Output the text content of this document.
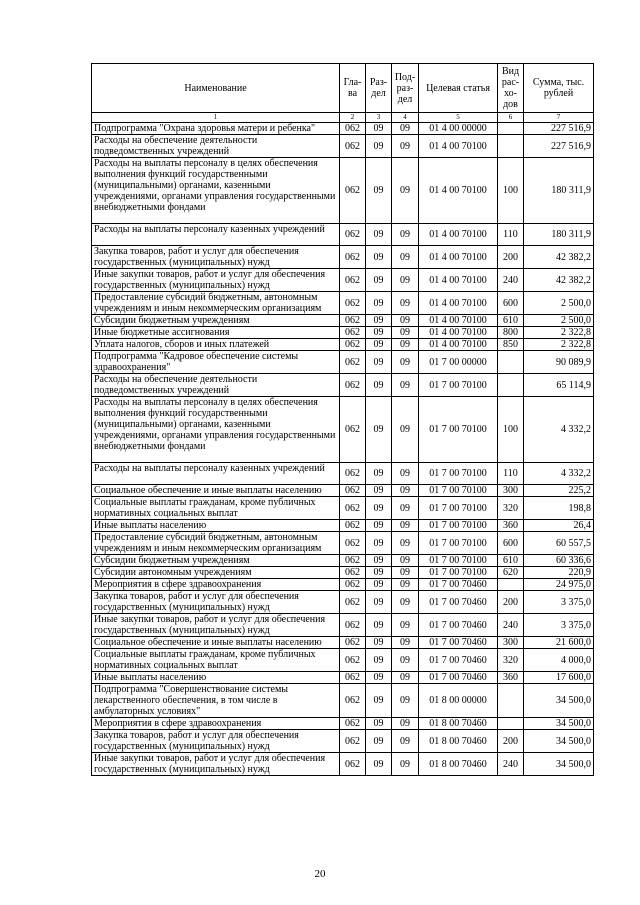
Наименование	Гла-ва	Раз-дел	Под-раз-дел	Целевая статья	Вид рас-хо-дов	Сумма, тыс. рублей
1	2	3	4	5	6	7
Подпрограмма "Охрана здоровья матери и ребенка"	062	09	09	01 4 00 00000		227 516,9
Расходы на обеспечение деятельности подведомственных учреждений	062	09	09	01 4 00 70100		227 516,9
Расходы на выплаты персоналу в целях обеспечения выполнения функций государственными (муниципальными) органами, казенными учреждениями, органами управления государственными внебюджетными фондами	062	09	09	01 4 00 70100	100	180 311,9
Расходы на выплаты персоналу казенных учреждений	062	09	09	01 4 00 70100	110	180 311,9
Закупка товаров, работ и услуг для обеспечения государственных (муниципальных) нужд	062	09	09	01 4 00 70100	200	42 382,2
Иные закупки товаров, работ и услуг для обеспечения государственных (муниципальных) нужд	062	09	09	01 4 00 70100	240	42 382,2
Предоставление субсидий бюджетным, автономным учреждениям и иным некоммерческим организациям	062	09	09	01 4 00 70100	600	2 500,0
Субсидии бюджетным учреждениям	062	09	09	01 4 00 70100	610	2 500,0
Иные бюджетные ассигнования	062	09	09	01 4 00 70100	800	2 322,8
Уплата налогов, сборов и иных платежей	062	09	09	01 4 00 70100	850	2 322,8
Подпрограмма "Кадровое обеспечение системы здравоохранения"	062	09	09	01 7 00 00000		90 089,9
Расходы на обеспечение деятельности подведомственных учреждений	062	09	09	01 7 00 70100		65 114,9
Расходы на выплаты персоналу в целях обеспечения выполнения функций государственными (муниципальными) органами, казенными учреждениями, органами управления государственными внебюджетными фондами	062	09	09	01 7 00 70100	100	4 332,2
Расходы на выплаты персоналу казенных учреждений	062	09	09	01 7 00 70100	110	4 332,2
Социальное обеспечение и иные выплаты населению	062	09	09	01 7 00 70100	300	225,2
Социальные выплаты гражданам, кроме публичных нормативных социальных выплат	062	09	09	01 7 00 70100	320	198,8
Иные выплаты населению	062	09	09	01 7 00 70100	360	26,4
Предоставление субсидий бюджетным, автономным учреждениям и иным некоммерческим организациям	062	09	09	01 7 00 70100	600	60 557,5
Субсидии бюджетным учреждениям	062	09	09	01 7 00 70100	610	60 336,6
Субсидии автономным учреждениям	062	09	09	01 7 00 70100	620	220,9
Мероприятия в сфере здравоохранения	062	09	09	01 7 00 70460		24 975,0
Закупка товаров, работ и услуг для обеспечения государственных (муниципальных) нужд	062	09	09	01 7 00 70460	200	3 375,0
Иные закупки товаров, работ и услуг для обеспечения государственных (муниципальных) нужд	062	09	09	01 7 00 70460	240	3 375,0
Социальное обеспечение и иные выплаты населению	062	09	09	01 7 00 70460	300	21 600,0
Социальные выплаты гражданам, кроме публичных нормативных социальных выплат	062	09	09	01 7 00 70460	320	4 000,0
Иные выплаты населению	062	09	09	01 7 00 70460	360	17 600,0
Подпрограмма "Совершенствование системы лекарственного обеспечения, в том числе в амбулаторных условиях"	062	09	09	01 8 00 00000		34 500,0
Мероприятия в сфере здравоохранения	062	09	09	01 8 00 70460		34 500,0
Закупка товаров, работ и услуг для обеспечения государственных (муниципальных) нужд	062	09	09	01 8 00 70460	200	34 500,0
Иные закупки товаров, работ и услуг для обеспечения государственных (муниципальных) нужд	062	09	09	01 8 00 70460	240	34 500,0
20
